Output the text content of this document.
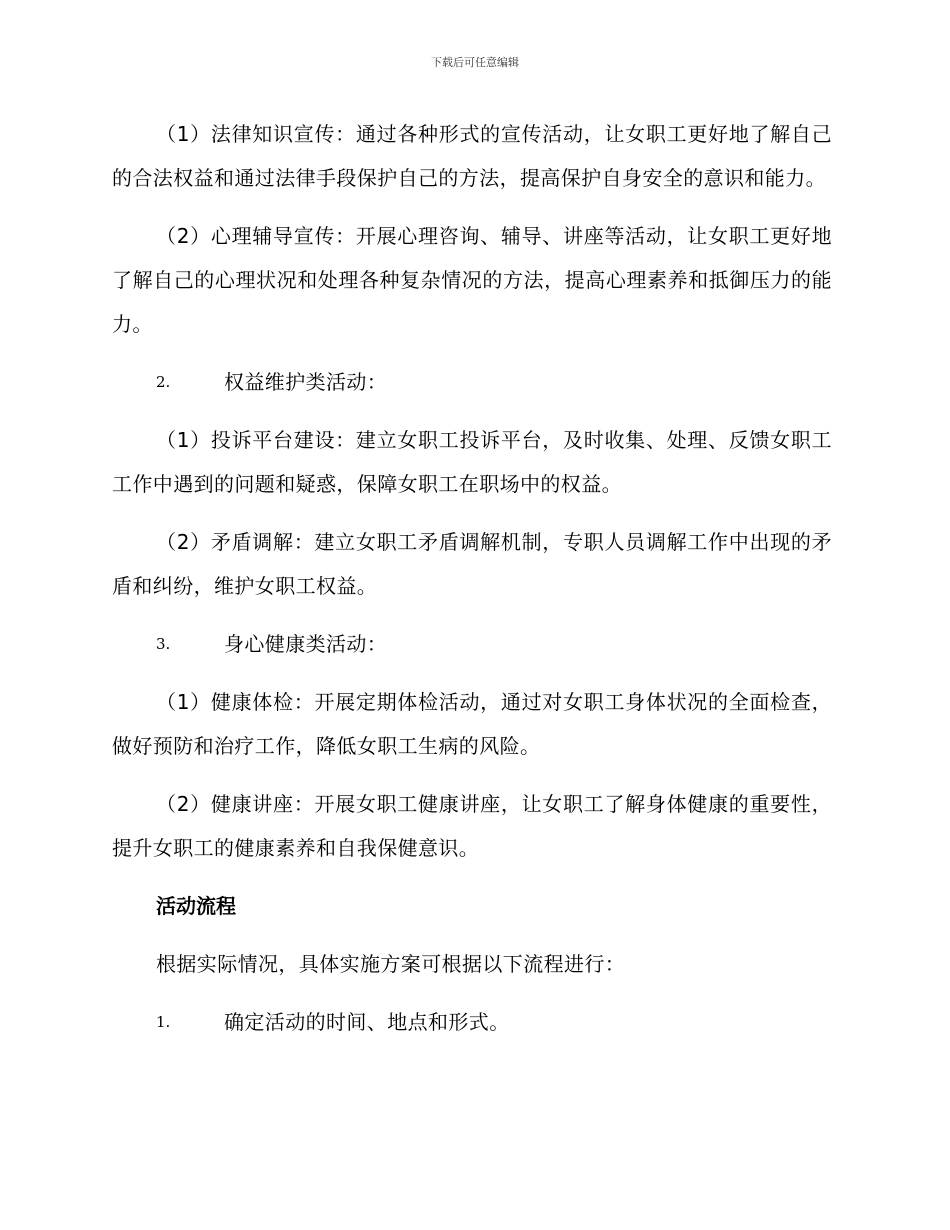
下载后可任意编辑

（1）法律知识宣传：通过各种形式的宣传活动，让女职工更好地了解自己的合法权益和通过法律手段保护自己的方法，提高保护自身安全的意识和能力。

（2）心理辅导宣传：开展心理咨询、辅导、讲座等活动，让女职工更好地了解自己的心理状况和处理各种复杂情况的方法，提高心理素养和抵御压力的能力。

2.	权益维护类活动：

（1）投诉平台建设：建立女职工投诉平台，及时收集、处理、反馈女职工工作中遇到的问题和疑惑，保障女职工在职场中的权益。

（2）矛盾调解：建立女职工矛盾调解机制，专职人员调解工作中出现的矛盾和纠纷，维护女职工权益。

3.	身心健康类活动：

（1）健康体检：开展定期体检活动，通过对女职工身体状况的全面检查，做好预防和治疗工作，降低女职工生病的风险。

（2）健康讲座：开展女职工健康讲座，让女职工了解身体健康的重要性，提升女职工的健康素养和自我保健意识。

活动流程
根据实际情况，具体实施方案可根据以下流程进行：
1.	确定活动的时间、地点和形式。
